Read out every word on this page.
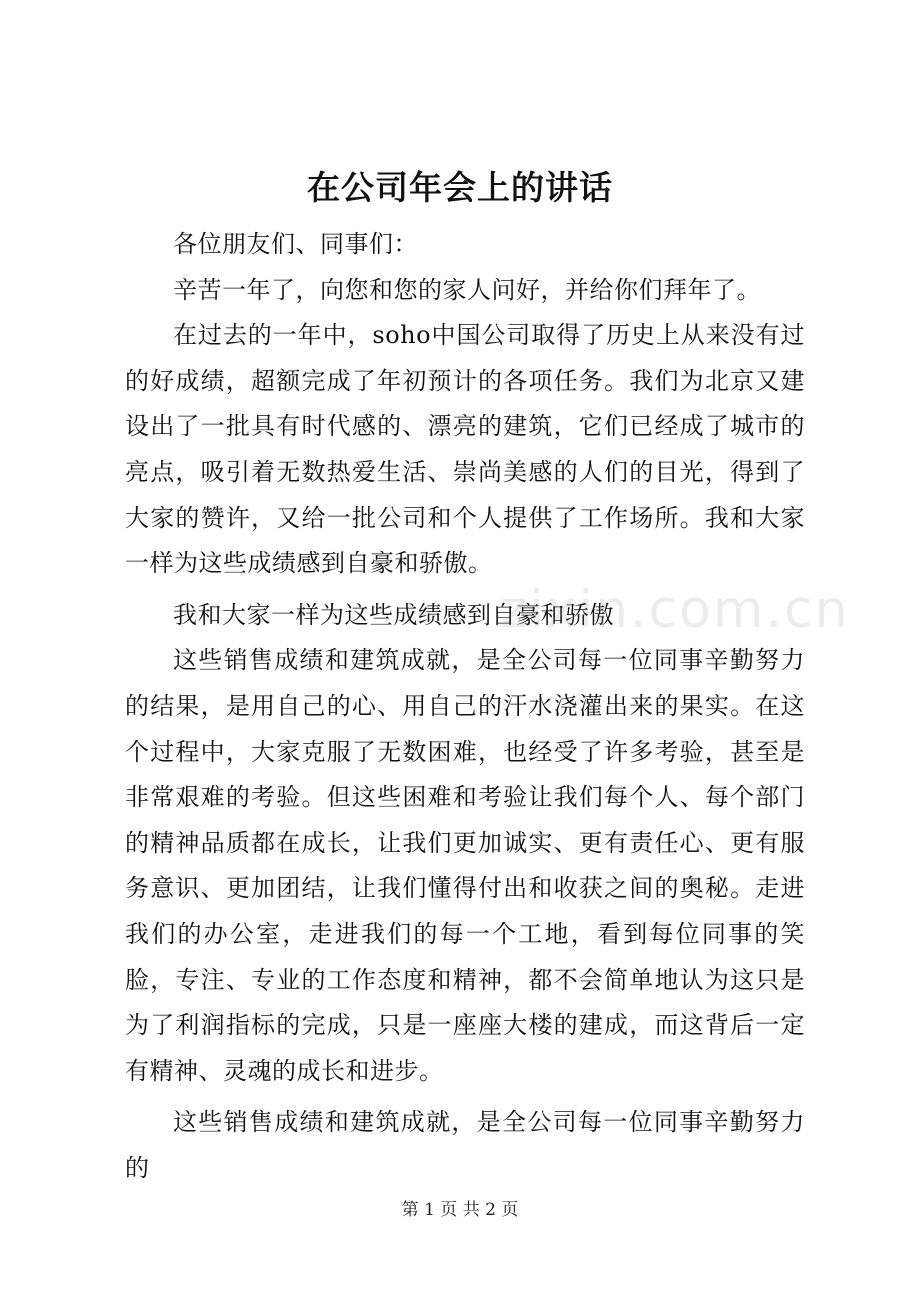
在公司年会上的讲话

各位朋友们、同事们：

辛苦一年了，向您和您的家人问好，并给你们拜年了。

在过去的一年中，soho中国公司取得了历史上从来没有过的好成绩，超额完成了年初预计的各项任务。我们为北京又建设出了一批具有时代感的、漂亮的建筑，它们已经成了城市的亮点，吸引着无数热爱生活、崇尚美感的人们的目光，得到了大家的赞许，又给一批公司和个人提供了工作场所。我和大家一样为这些成绩感到自豪和骄傲。

我和大家一样为这些成绩感到自豪和骄傲

这些销售成绩和建筑成就，是全公司每一位同事辛勤努力的结果，是用自己的心、用自己的汗水浇灌出来的果实。在这个过程中，大家克服了无数困难，也经受了许多考验，甚至是非常艰难的考验。但这些困难和考验让我们每个人、每个部门的精神品质都在成长，让我们更加诚实、更有责任心、更有服务意识、更加团结，让我们懂得付出和收获之间的奥秘。走进我们的办公室，走进我们的每一个工地，看到每位同事的笑脸，专注、专业的工作态度和精神，都不会简单地认为这只是为了利润指标的完成，只是一座座大楼的建成，而这背后一定有精神、灵魂的成长和进步。

这些销售成绩和建筑成就，是全公司每一位同事辛勤努力的

zixin.com.cn
第 1 页 共 2 页
